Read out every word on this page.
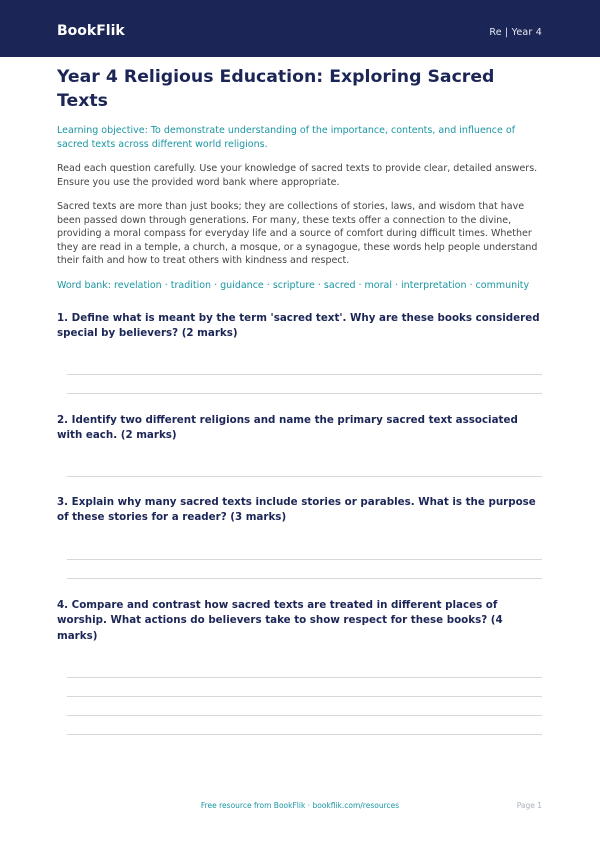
BookFlik	Re | Year 4
Year 4 Religious Education: Exploring Sacred Texts

Learning objective: To demonstrate understanding of the importance, contents, and influence of sacred texts across different world religions.

Read each question carefully. Use your knowledge of sacred texts to provide clear, detailed answers. Ensure you use the provided word bank where appropriate.

Sacred texts are more than just books; they are collections of stories, laws, and wisdom that have been passed down through generations. For many, these texts offer a connection to the divine, providing a moral compass for everyday life and a source of comfort during difficult times. Whether they are read in a temple, a church, a mosque, or a synagogue, these words help people understand their faith and how to treat others with kindness and respect.

Word bank: revelation · tradition · guidance · scripture · sacred · moral · interpretation · community

1. Define what is meant by the term 'sacred text'. Why are these books considered special by believers? (2 marks)
2. Identify two different religions and name the primary sacred text associated with each. (2 marks)
3. Explain why many sacred texts include stories or parables. What is the purpose of these stories for a reader? (3 marks)
4. Compare and contrast how sacred texts are treated in different places of worship. What actions do believers take to show respect for these books? (4 marks)
Free resource from BookFlik · bookflik.com/resources	Page 1
